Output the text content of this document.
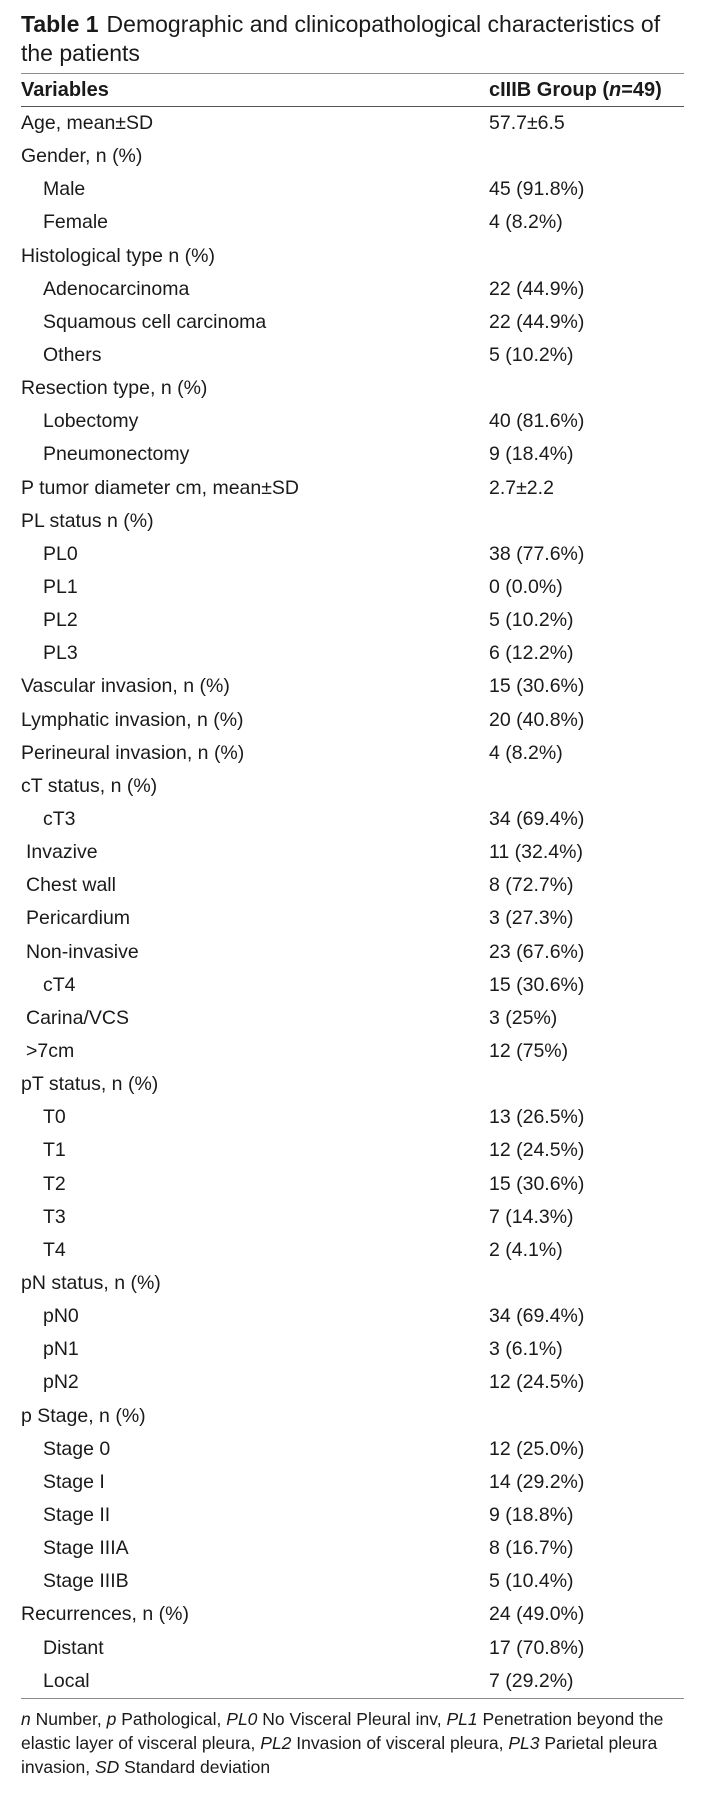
Table 1 Demographic and clinicopathological characteristics of the patients

Variables	cIIIB Group (n=49)
Age, mean±SD	57.7±6.5
Gender, n (%)
Male	45 (91.8%)
Female	4 (8.2%)
Histological type n (%)
Adenocarcinoma	22 (44.9%)
Squamous cell carcinoma	22 (44.9%)
Others	5 (10.2%)
Resection type, n (%)
Lobectomy	40 (81.6%)
Pneumonectomy	9 (18.4%)
P tumor diameter cm, mean±SD	2.7±2.2
PL status n (%)
PL0	38 (77.6%)
PL1	0 (0.0%)
PL2	5 (10.2%)
PL3	6 (12.2%)
Vascular invasion, n (%)	15 (30.6%)
Lymphatic invasion, n (%)	20 (40.8%)
Perineural invasion, n (%)	4 (8.2%)
cT status, n (%)
cT3	34 (69.4%)
Invazive	11 (32.4%)
Chest wall	8 (72.7%)
Pericardium	3 (27.3%)
Non-invasive	23 (67.6%)
cT4	15 (30.6%)
Carina/VCS	3 (25%)
>7cm	12 (75%)
pT status, n (%)
T0	13 (26.5%)
T1	12 (24.5%)
T2	15 (30.6%)
T3	7 (14.3%)
T4	2 (4.1%)
pN status, n (%)
pN0	34 (69.4%)
pN1	3 (6.1%)
pN2	12 (24.5%)
p Stage, n (%)
Stage 0	12 (25.0%)
Stage I	14 (29.2%)
Stage II	9 (18.8%)
Stage IIIA	8 (16.7%)
Stage IIIB	5 (10.4%)
Recurrences, n (%)	24 (49.0%)
Distant	17 (70.8%)
Local	7 (29.2%)

n Number, p Pathological, PL0 No Visceral Pleural inv, PL1 Penetration beyond the elastic layer of visceral pleura, PL2 Invasion of visceral pleura, PL3 Parietal pleura invasion, SD Standard deviation
